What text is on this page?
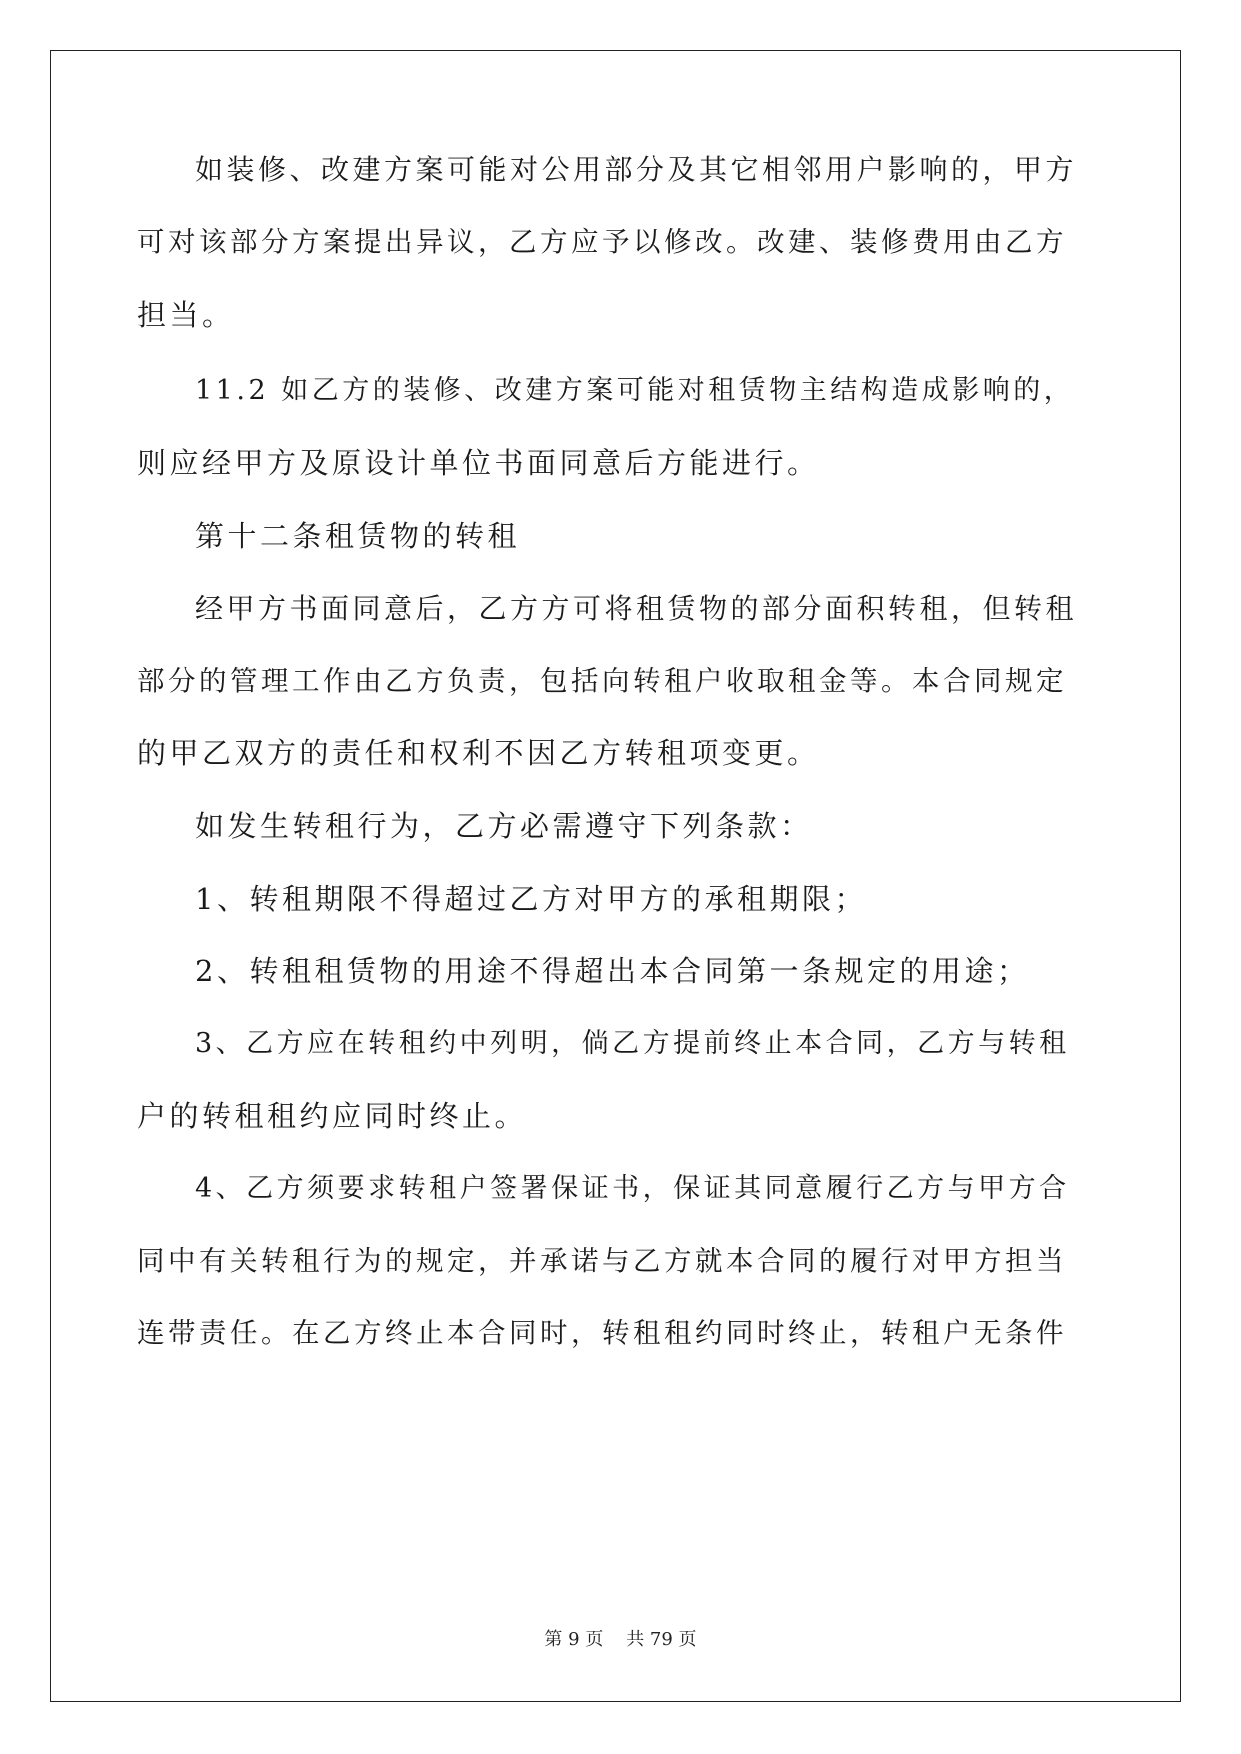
如装修、改建方案可能对公用部分及其它相邻用户影响的，甲方

可对该部分方案提出异议，乙方应予以修改。改建、装修费用由乙方

担当。

11.2 如乙方的装修、改建方案可能对租赁物主结构造成影响的，

则应经甲方及原设计单位书面同意后方能进行。

第十二条租赁物的转租

经甲方书面同意后，乙方方可将租赁物的部分面积转租，但转租

部分的管理工作由乙方负责，包括向转租户收取租金等。本合同规定

的甲乙双方的责任和权利不因乙方转租项变更。

如发生转租行为，乙方必需遵守下列条款：

1、转租期限不得超过乙方对甲方的承租期限；

2、转租租赁物的用途不得超出本合同第一条规定的用途；

3、乙方应在转租约中列明，倘乙方提前终止本合同，乙方与转租

户的转租租约应同时终止。

4、乙方须要求转租户签署保证书，保证其同意履行乙方与甲方合

同中有关转租行为的规定，并承诺与乙方就本合同的履行对甲方担当

连带责任。在乙方终止本合同时，转租租约同时终止，转租户无条件

第 9 页    共 79 页
